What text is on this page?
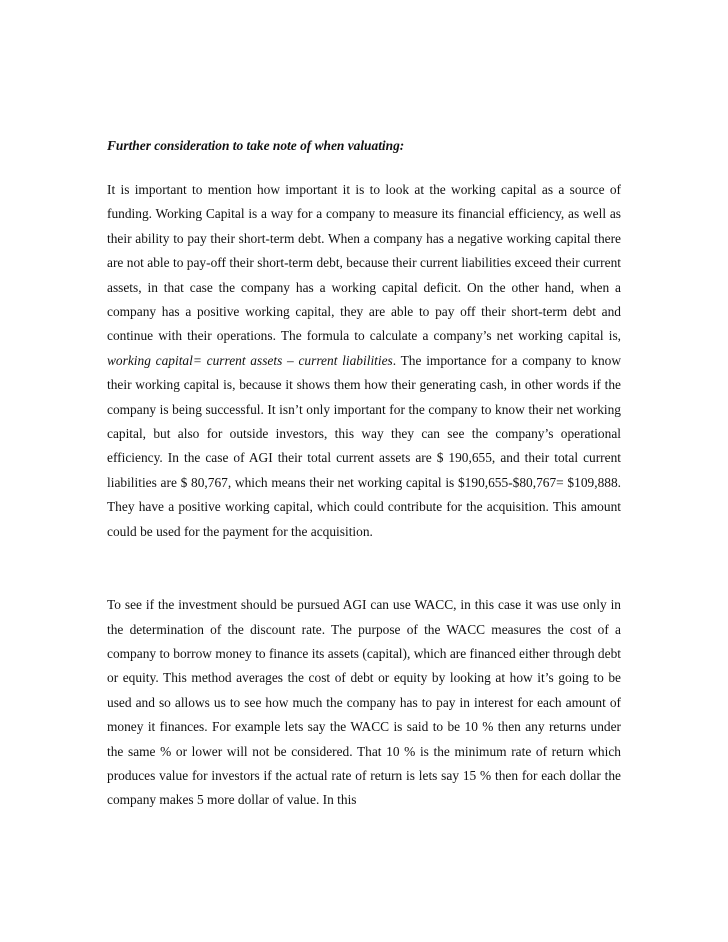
Further consideration to take note of when valuating:

It is important to mention how important it is to look at the working capital as a source of funding. Working Capital is a way for a company to measure its financial efficiency, as well as their ability to pay their short-term debt. When a company has a negative working capital there are not able to pay-off their short-term debt, because their current liabilities exceed their current assets, in that case the company has a working capital deficit. On the other hand, when a company has a positive working capital, they are able to pay off their short-term debt and continue with their operations. The formula to calculate a company’s net working capital is, working capital= current assets – current liabilities. The importance for a company to know their working capital is, because it shows them how their generating cash, in other words if the company is being successful. It isn’t only important for the company to know their net working capital, but also for outside investors, this way they can see the company’s operational efficiency. In the case of AGI their total current assets are $ 190,655, and their total current liabilities are $ 80,767, which means their net working capital is $190,655-$80,767= $109,888. They have a positive working capital, which could contribute for the acquisition. This amount could be used for the payment for the acquisition.

To see if the investment should be pursued AGI can use WACC, in this case it was use only in the determination of the discount rate. The purpose of the WACC measures the cost of a company to borrow money to finance its assets (capital), which are financed either through debt or equity. This method averages the cost of debt or equity by looking at how it’s going to be used and so allows us to see how much the company has to pay in interest for each amount of money it finances. For example lets say the WACC is said to be 10 % then any returns under the same % or lower will not be considered. That 10 % is the minimum rate of return which produces value for investors if the actual rate of return is lets say 15 % then for each dollar the company makes 5 more dollar of value. In this
